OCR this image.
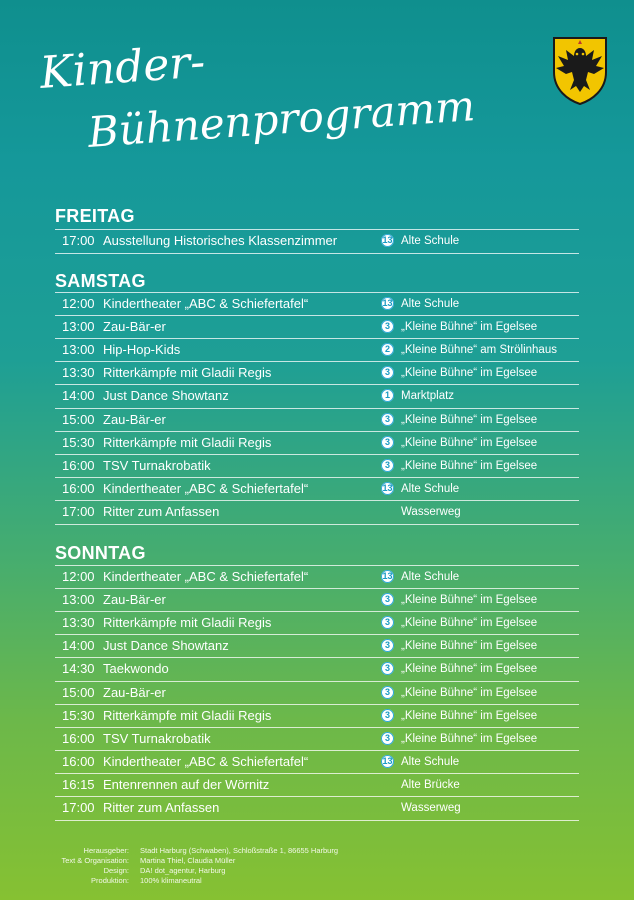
Kinder-
Bühnenprogramm
FREITAG
17:00 Ausstellung Historisches Klassenzimmer	13 Alte Schule
SAMSTAG
12:00 Kindertheater „ABC & Schiefertafel“	13 Alte Schule
13:00 Zau-Bär-er	3 „Kleine Bühne“ im Egelsee
13:00 Hip-Hop-Kids	2 „Kleine Bühne“ am Strölinhaus
13:30 Ritterkämpfe mit Gladii Regis	3 „Kleine Bühne“ im Egelsee
14:00 Just Dance Showtanz	1 Marktplatz
15:00 Zau-Bär-er	3 „Kleine Bühne“ im Egelsee
15:30 Ritterkämpfe mit Gladii Regis	3 „Kleine Bühne“ im Egelsee
16:00 TSV Turnakrobatik	3 „Kleine Bühne“ im Egelsee
16:00 Kindertheater „ABC & Schiefertafel“	13 Alte Schule
17:00 Ritter zum Anfassen	Wasserweg
SONNTAG
12:00 Kindertheater „ABC & Schiefertafel“	13 Alte Schule
13:00 Zau-Bär-er	3 „Kleine Bühne“ im Egelsee
13:30 Ritterkämpfe mit Gladii Regis	3 „Kleine Bühne“ im Egelsee
14:00 Just Dance Showtanz	3 „Kleine Bühne“ im Egelsee
14:30 Taekwondo	3 „Kleine Bühne“ im Egelsee
15:00 Zau-Bär-er	3 „Kleine Bühne“ im Egelsee
15:30 Ritterkämpfe mit Gladii Regis	3 „Kleine Bühne“ im Egelsee
16:00 TSV Turnakrobatik	3 „Kleine Bühne“ im Egelsee
16:00 Kindertheater „ABC & Schiefertafel“	13 Alte Schule
16:15 Entenrennen auf der Wörnitz	Alte Brücke
17:00 Ritter zum Anfassen	Wasserweg
Herausgeber: Stadt Harburg (Schwaben), Schloßstraße 1, 86655 Harburg
Text & Organisation: Martina Thiel, Claudia Müller
Design: DA! dot_agentur, Harburg
Produktion: 100% klimaneutral
